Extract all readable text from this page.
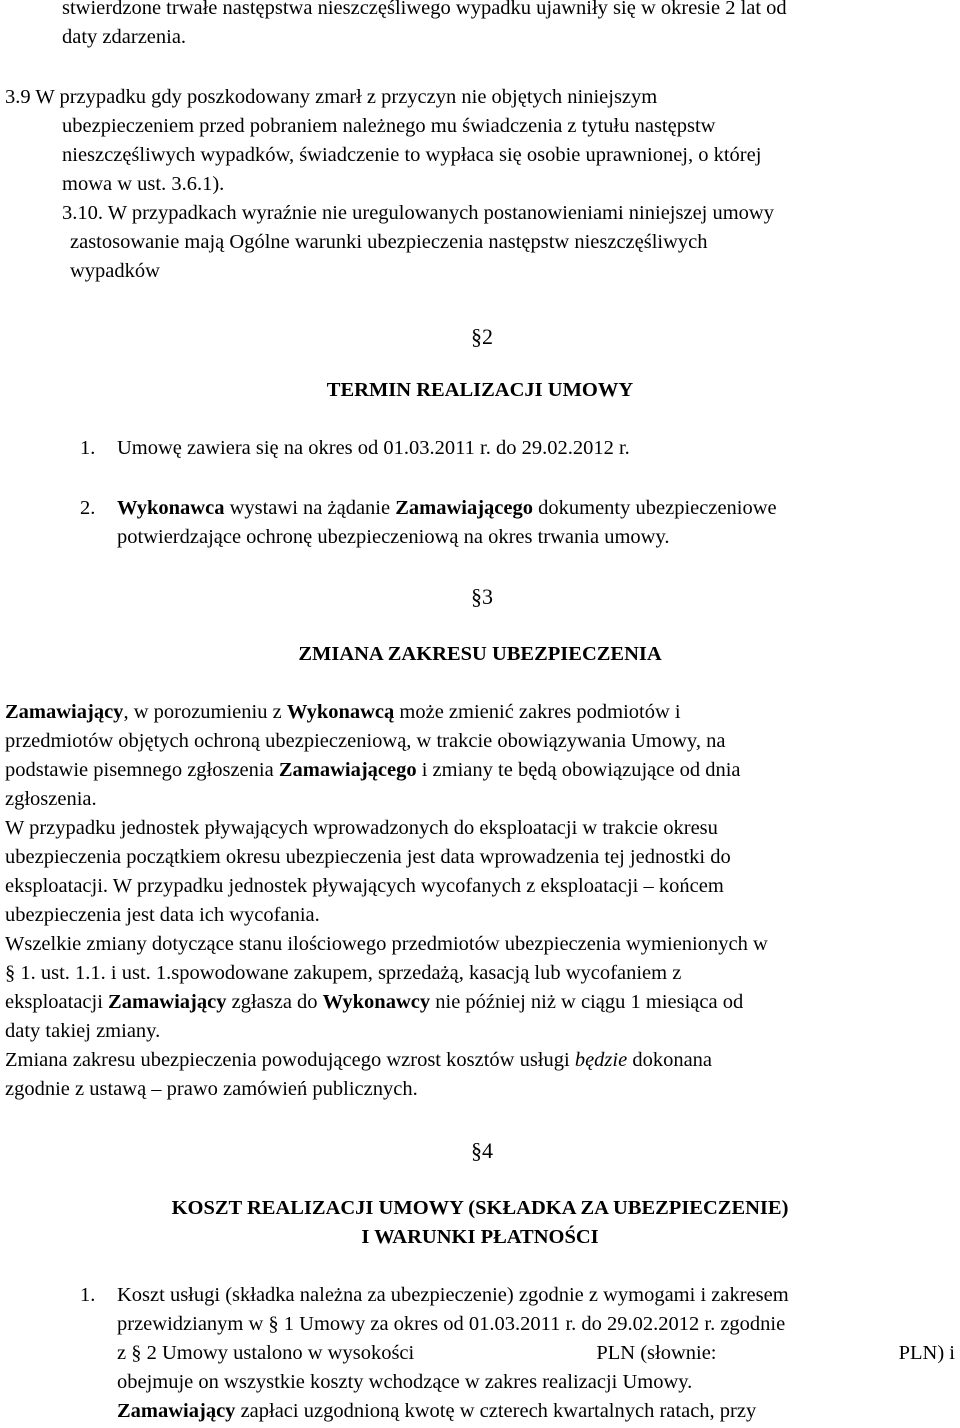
stwierdzone trwałe następstwa nieszczęśliwego wypadku ujawniły się w okresie 2 lat od
daty zdarzenia.
3.9 W przypadku gdy poszkodowany zmarł z przyczyn nie objętych niniejszym
ubezpieczeniem przed pobraniem należnego mu świadczenia z tytułu następstw
nieszczęśliwych wypadków, świadczenie to wypłaca się osobie uprawnionej, o której
mowa w ust. 3.6.1).
3.10. W przypadkach wyraźnie nie uregulowanych postanowieniami niniejszej umowy
zastosowanie mają Ogólne warunki ubezpieczenia następstw nieszczęśliwych
wypadków
§2
TERMIN REALIZACJI UMOWY
1. Umowę zawiera się na okres od 01.03.2011 r. do 29.02.2012 r.
2. Wykonawca wystawi na żądanie Zamawiającego dokumenty ubezpieczeniowe
potwierdzające ochronę ubezpieczeniową na okres trwania umowy.
§3
ZMIANA ZAKRESU UBEZPIECZENIA
Zamawiający, w porozumieniu z Wykonawcą może zmienić zakres podmiotów i
przedmiotów objętych ochroną ubezpieczeniową, w trakcie obowiązywania Umowy, na
podstawie pisemnego zgłoszenia Zamawiającego i zmiany te będą obowiązujące od dnia
zgłoszenia.
W przypadku jednostek pływających wprowadzonych do eksploatacji w trakcie okresu
ubezpieczenia początkiem okresu ubezpieczenia jest data wprowadzenia tej jednostki do
eksploatacji. W przypadku jednostek pływających wycofanych z eksploatacji – końcem
ubezpieczenia jest data ich wycofania.
Wszelkie zmiany dotyczące stanu ilościowego przedmiotów ubezpieczenia wymienionych w
§ 1. ust. 1.1. i ust. 1.spowodowane zakupem, sprzedażą, kasacją lub wycofaniem z
eksploatacji Zamawiający zgłasza do Wykonawcy nie później niż w ciągu 1 miesiąca od
daty takiej zmiany.
Zmiana zakresu ubezpieczenia powodującego wzrost kosztów usługi będzie dokonana
zgodnie z ustawą – prawo zamówień publicznych.
§4
KOSZT REALIZACJI UMOWY (SKŁADKA ZA UBEZPIECZENIE)
I WARUNKI PŁATNOŚCI
1. Koszt usługi (składka należna za ubezpieczenie) zgodnie z wymogami i zakresem
przewidzianym w § 1 Umowy za okres od 01.03.2011 r. do 29.02.2012 r. zgodnie
z § 2 Umowy ustalono w wysokości	PLN (słownie:	PLN) i
obejmuje on wszystkie koszty wchodzące w zakres realizacji Umowy.
Zamawiający zapłaci uzgodnioną kwotę w czterech kwartalnych ratach, przy
